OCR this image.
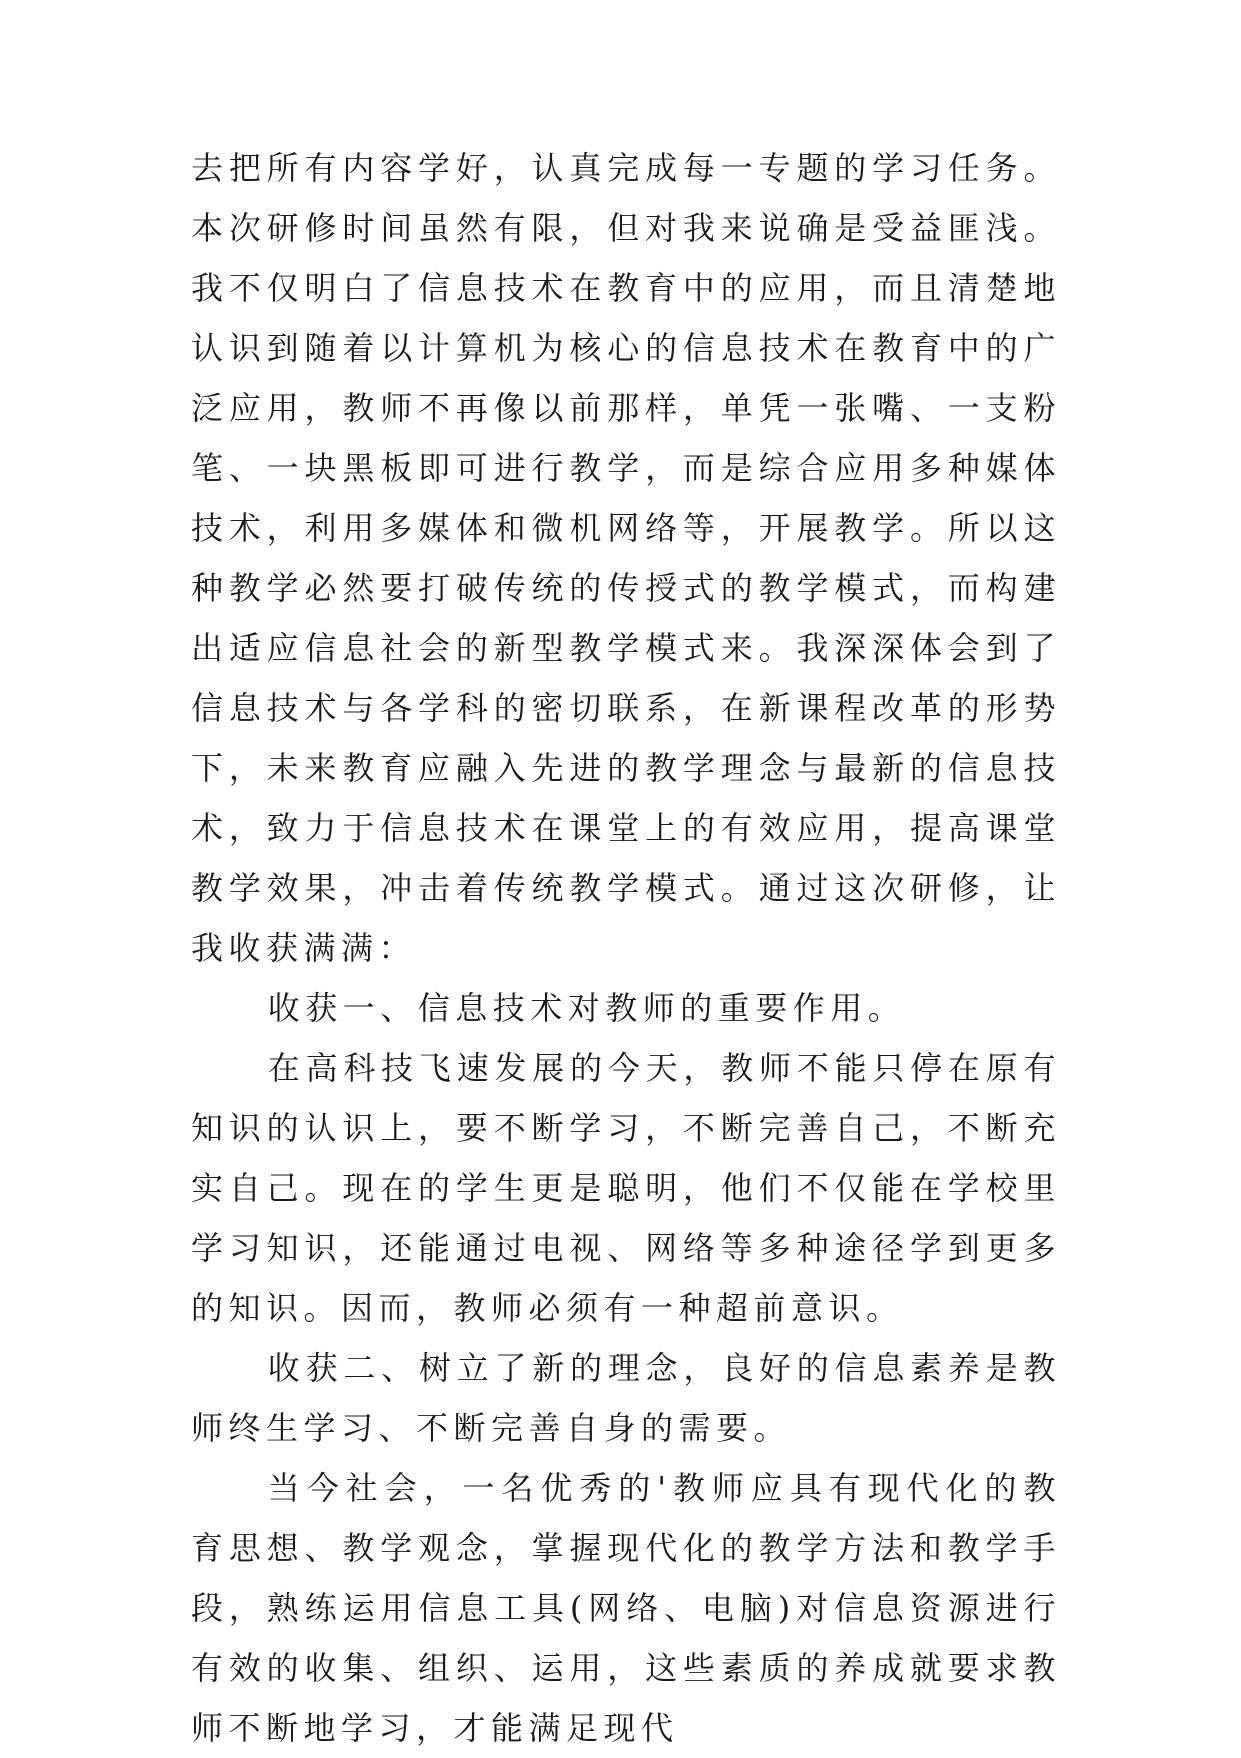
去把所有内容学好，认真完成每一专题的学习任务。本次研修时间虽然有限，但对我来说确是受益匪浅。我不仅明白了信息技术在教育中的应用，而且清楚地认识到随着以计算机为核心的信息技术在教育中的广泛应用，教师不再像以前那样，单凭一张嘴、一支粉笔、一块黑板即可进行教学，而是综合应用多种媒体技术，利用多媒体和微机网络等，开展教学。所以这种教学必然要打破传统的传授式的教学模式，而构建出适应信息社会的新型教学模式来。我深深体会到了信息技术与各学科的密切联系，在新课程改革的形势下，未来教育应融入先进的教学理念与最新的信息技术，致力于信息技术在课堂上的有效应用，提高课堂教学效果，冲击着传统教学模式。通过这次研修，让我收获满满：

收获一、信息技术对教师的重要作用。

在高科技飞速发展的今天，教师不能只停在原有知识的认识上，要不断学习，不断完善自己，不断充实自己。现在的学生更是聪明，他们不仅能在学校里学习知识，还能通过电视、网络等多种途径学到更多的知识。因而，教师必须有一种超前意识。

收获二、树立了新的理念，良好的信息素养是教师终生学习、不断完善自身的需要。

当今社会，一名优秀的'教师应具有现代化的教育思想、教学观念，掌握现代化的教学方法和教学手段，熟练运用信息工具(网络、电脑)对信息资源进行有效的收集、组织、运用，这些素质的养成就要求教师不断地学习，才能满足现代
